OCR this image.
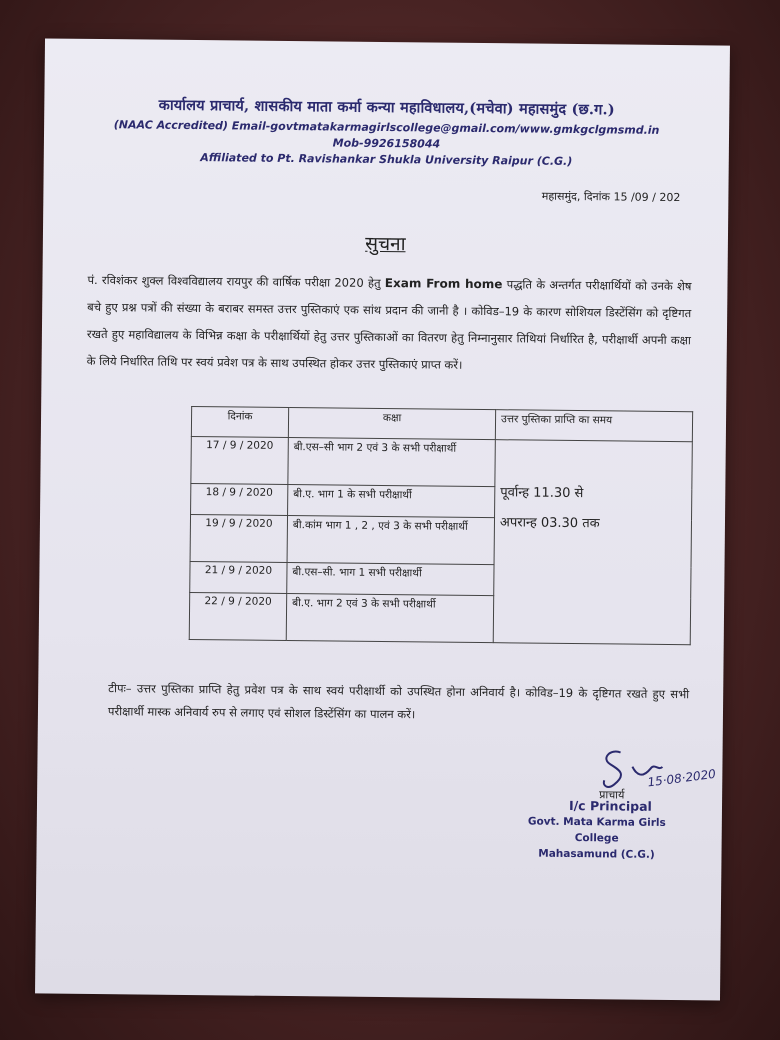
कार्यालय प्राचार्य, शासकीय माता कर्मा कन्या महाविधालय,(मचेवा) महासमुंद (छ.ग.)
(NAAC Accredited) Email-govtmatakarmagirlscollege@gmail.com/www.gmkgclgmsmd.in
Mob-9926158044
Affiliated to Pt. Ravishankar Shukla University Raipur (C.G.)
महासमुंद, दिनांक 15 /09 / 202
सुचना
पं. रविशंकर शुक्ल विश्वविद्यालय रायपुर की वार्षिक परीक्षा 2020 हेतु Exam From home पद्धति के अन्तर्गत परीक्षार्थियों को उनके शेष बचे हुए प्रश्न पत्रों की संख्या के बराबर समस्त उत्तर पुस्तिकाएं एक सांथ प्रदान की जानी है । कोविड–19 के कारण सोशियल डिस्टेंसिंग को दृष्टिगत रखते हुए महाविद्यालय के विभिन्न कक्षा के परीक्षार्थियों हेतु उत्तर पुस्तिकाओं का वितरण हेतु निम्नानुसार तिथियां निर्धारित है, परीक्षार्थी अपनी कक्षा के लिये निर्धारित तिथि पर स्वयं प्रवेश पत्र के साथ उपस्थित होकर उत्तर पुस्तिकाएं प्राप्त करें।
दिनांक	कक्षा	उत्तर पुस्तिका प्राप्ति का समय
17 / 9 / 2020	बी.एस–सी भाग 2 एवं 3 के सभी परीक्षार्थी	पूर्वान्ह 11.30 से
अपरान्ह 03.30 तक

18 / 9 / 2020	बी.ए. भाग 1 के सभी परीक्षार्थी	
19 / 9 / 2020	बी.कांम भाग 1 , 2 , एवं 3 के सभी परीक्षार्थी	
21 / 9 / 2020	बी.एस–सी. भाग 1 सभी परीक्षार्थी	
22 / 9 / 2020	बी.ए. भाग 2 एवं 3 के सभी परीक्षार्थी	
टीपः– उत्तर पुस्तिका प्राप्ति हेतु प्रवेश पत्र के साथ स्वयं परीक्षार्थी को उपस्थित होना अनिवार्य है। कोविड–19 के दृष्टिगत रखते हुए सभी परीक्षार्थी मास्क अनिवार्य रुप से लगाए एवं सोशल डिस्टेंसिंग का पालन करें।
15·08·2020
प्राचार्य
I/c Principal
Govt. Mata Karma Girls College
Mahasamund (C.G.)
